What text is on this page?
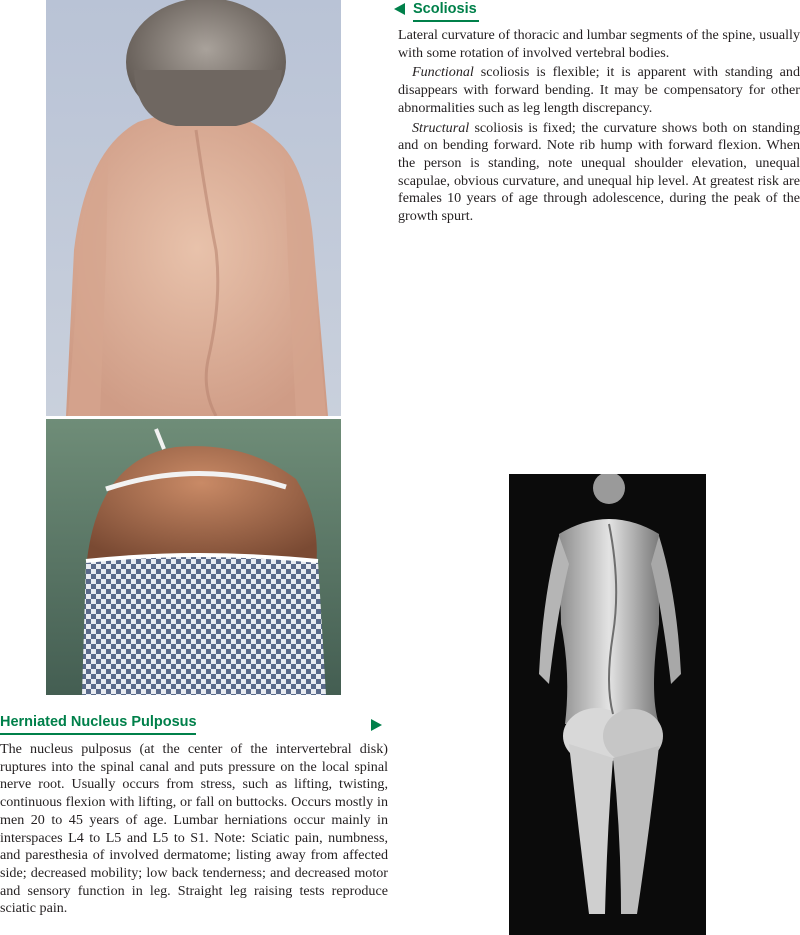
Scoliosis

Lateral curvature of thoracic and lumbar segments of the spine, usually with some rotation of involved vertebral bodies.

Functional scoliosis is flexible; it is apparent with standing and disappears with forward bending. It may be compensatory for other abnormalities such as leg length discrepancy.

Structural scoliosis is fixed; the curvature shows both on standing and on bending forward. Note rib hump with forward flexion. When the person is standing, note unequal shoulder elevation, unequal scapulae, obvious curvature, and unequal hip level. At greatest risk are females 10 years of age through adolescence, during the peak of the growth spurt.

Herniated Nucleus Pulposus

The nucleus pulposus (at the center of the intervertebral disk) ruptures into the spinal canal and puts pressure on the local spinal nerve root. Usually occurs from stress, such as lifting, twisting, continuous flexion with lifting, or fall on buttocks. Occurs mostly in men 20 to 45 years of age. Lumbar herniations occur mainly in interspaces L4 to L5 and L5 to S1. Note: Sciatic pain, numbness, and paresthesia of involved dermatome; listing away from affected side; decreased mobility; low back tenderness; and decreased motor and sensory function in leg. Straight leg raising tests reproduce sciatic pain.
